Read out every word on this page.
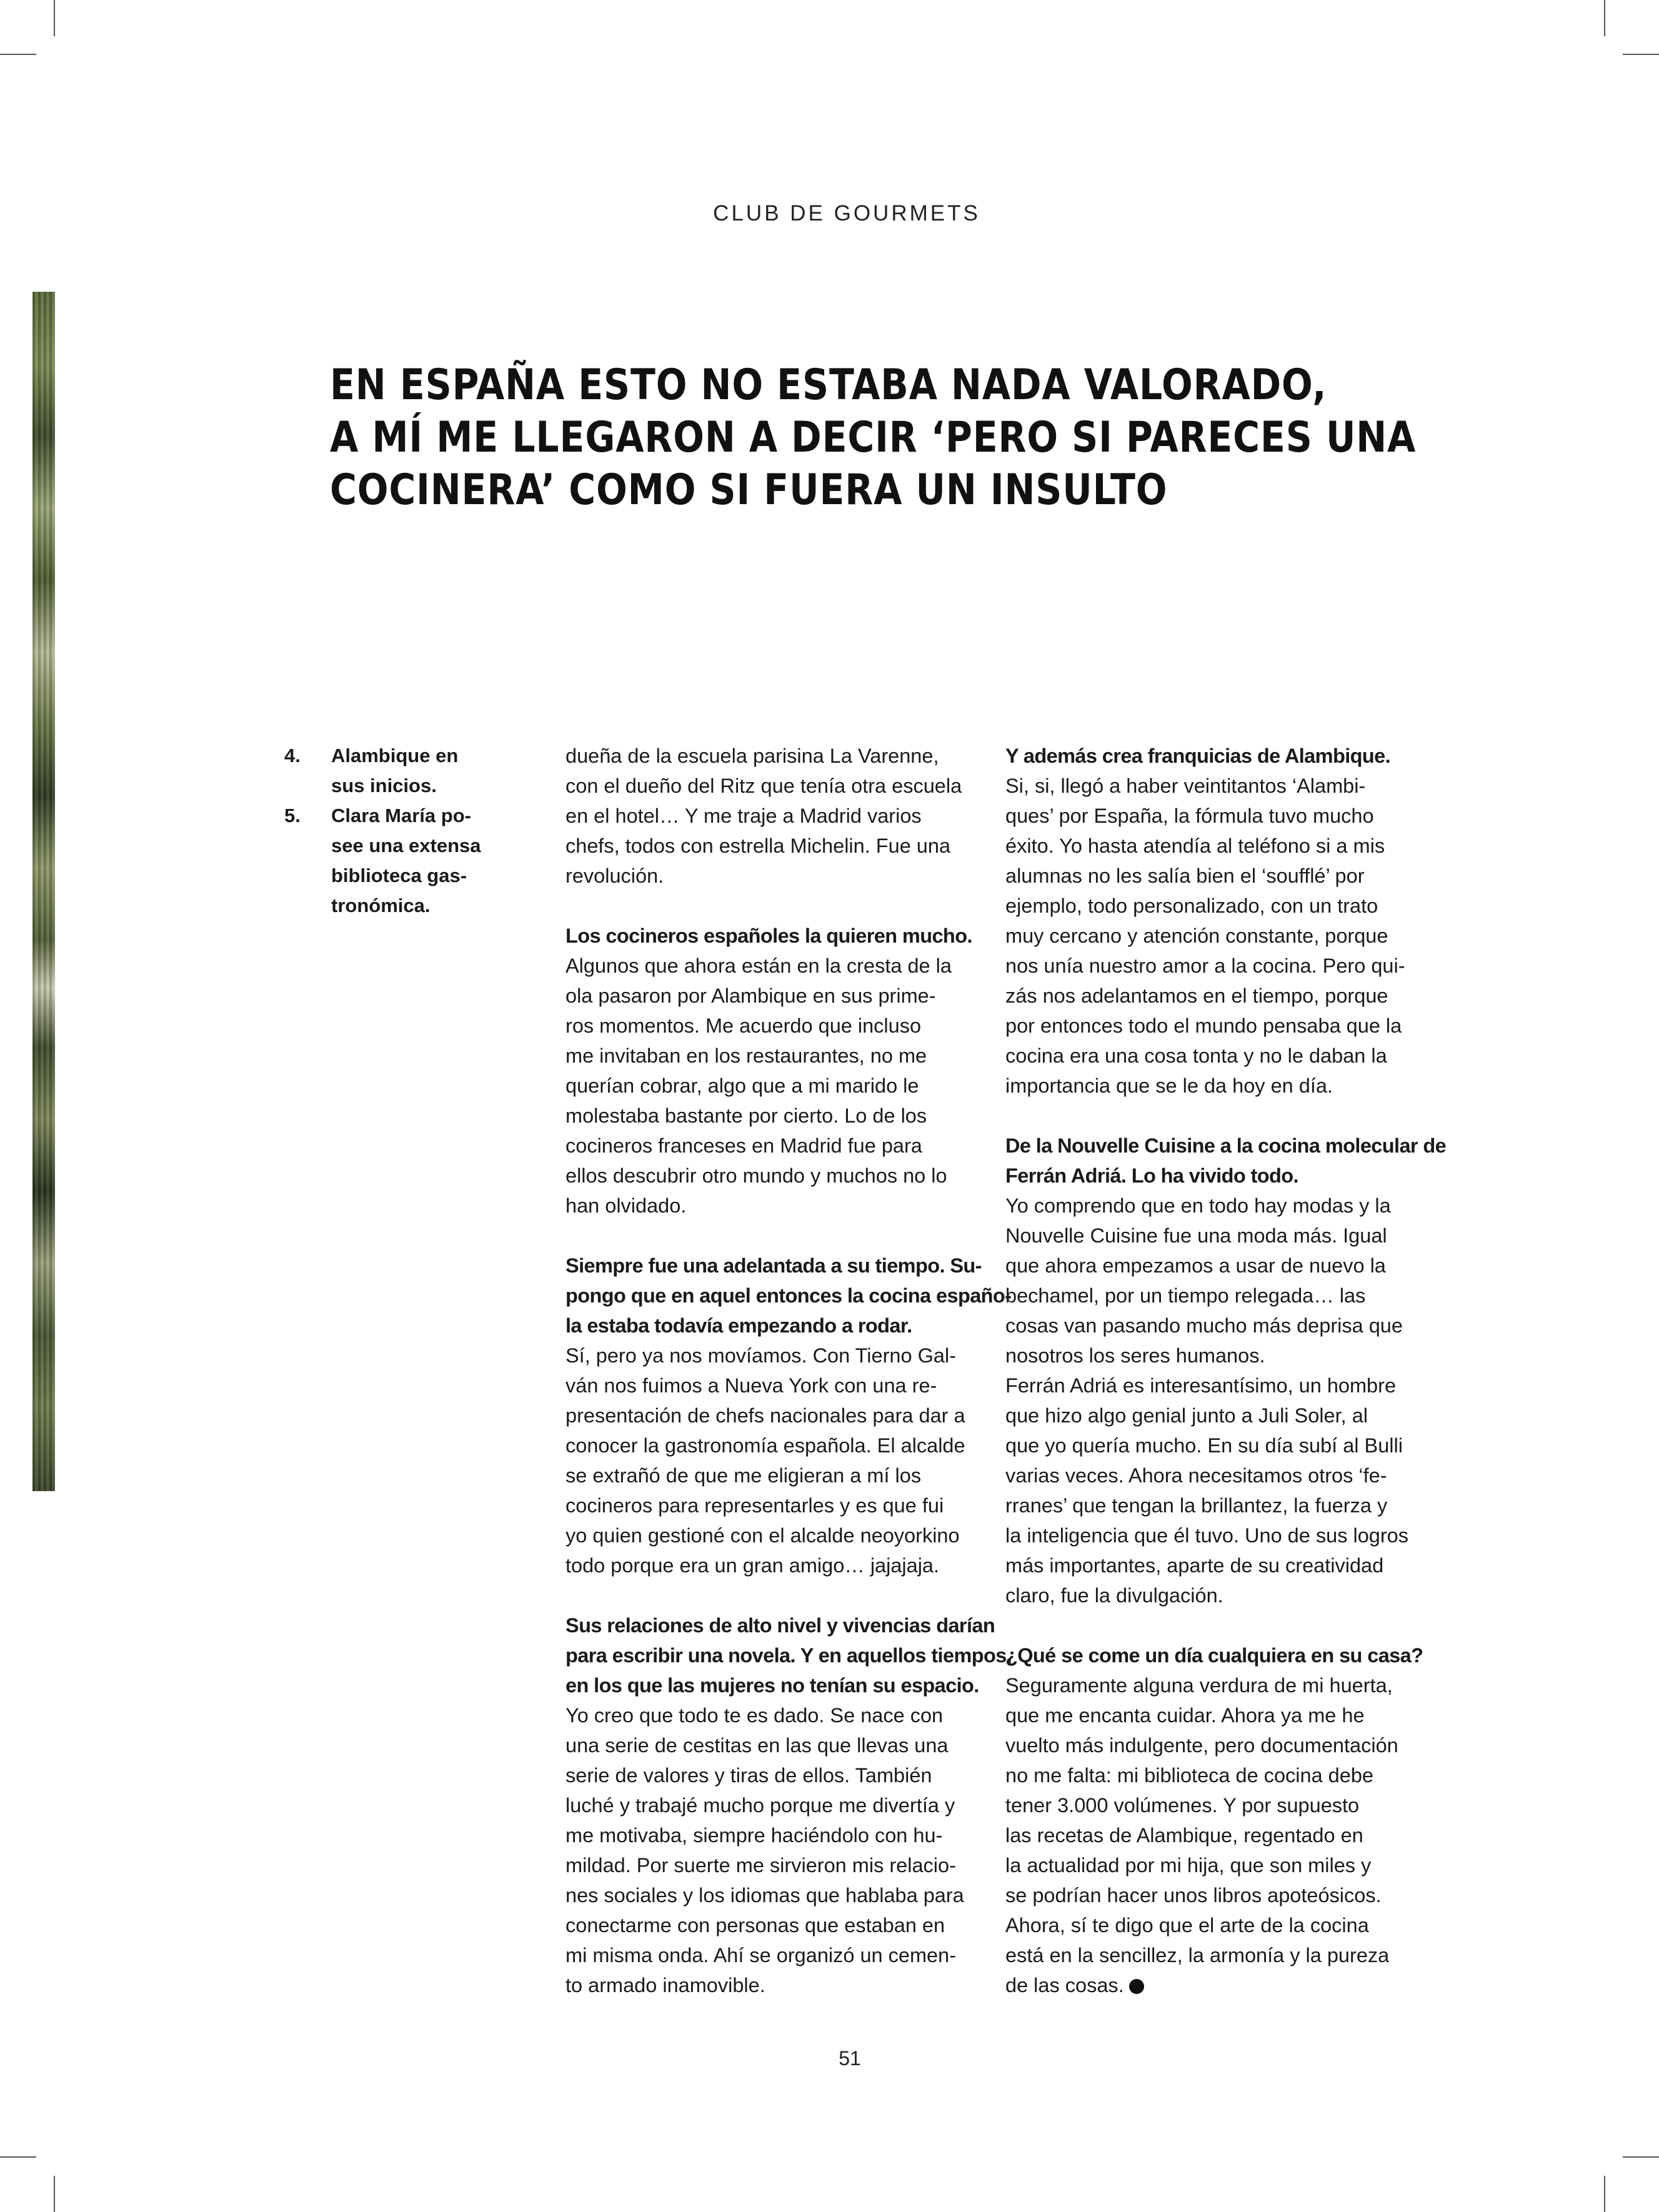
CLUB DE GOURMETS
EN ESPAÑA ESTO NO ESTABA NADA VALORADO,
A MÍ ME LLEGARON A DECIR ‘PERO SI PARECES UNA
COCINERA’ COMO SI FUERA UN INSULTO
4. Alambique en
sus inicios.
5. Clara María po-
see una extensa
biblioteca gas-
tronómica.
dueña de la escuela parisina La Varenne,
con el dueño del Ritz que tenía otra escuela
en el hotel… Y me traje a Madrid varios
chefs, todos con estrella Michelin. Fue una
revolución.
Los cocineros españoles la quieren mucho.
Algunos que ahora están en la cresta de la
ola pasaron por Alambique en sus prime-
ros momentos. Me acuerdo que incluso
me invitaban en los restaurantes, no me
querían cobrar, algo que a mi marido le
molestaba bastante por cierto. Lo de los
cocineros franceses en Madrid fue para
ellos descubrir otro mundo y muchos no lo
han olvidado.
Siempre fue una adelantada a su tiempo. Su-
pongo que en aquel entonces la cocina españo-
la estaba todavía empezando a rodar.
Sí, pero ya nos movíamos. Con Tierno Gal-
ván nos fuimos a Nueva York con una re-
presentación de chefs nacionales para dar a
conocer la gastronomía española. El alcalde
se extrañó de que me eligieran a mí los
cocineros para representarles y es que fui
yo quien gestioné con el alcalde neoyorkino
todo porque era un gran amigo… jajajaja.
Sus relaciones de alto nivel y vivencias darían
para escribir una novela. Y en aquellos tiempos,
en los que las mujeres no tenían su espacio.
Yo creo que todo te es dado. Se nace con
una serie de cestitas en las que llevas una
serie de valores y tiras de ellos. También
luché y trabajé mucho porque me divertía y
me motivaba, siempre haciéndolo con hu-
mildad. Por suerte me sirvieron mis relacio-
nes sociales y los idiomas que hablaba para
conectarme con personas que estaban en
mi misma onda. Ahí se organizó un cemen-
to armado inamovible.
Y además crea franquicias de Alambique.
Si, si, llegó a haber veintitantos ‘Alambi-
ques’ por España, la fórmula tuvo mucho
éxito. Yo hasta atendía al teléfono si a mis
alumnas no les salía bien el ‘soufflé’ por
ejemplo, todo personalizado, con un trato
muy cercano y atención constante, porque
nos unía nuestro amor a la cocina. Pero qui-
zás nos adelantamos en el tiempo, porque
por entonces todo el mundo pensaba que la
cocina era una cosa tonta y no le daban la
importancia que se le da hoy en día.
De la Nouvelle Cuisine a la cocina molecular de
Ferrán Adriá. Lo ha vivido todo.
Yo comprendo que en todo hay modas y la
Nouvelle Cuisine fue una moda más. Igual
que ahora empezamos a usar de nuevo la
bechamel, por un tiempo relegada… las
cosas van pasando mucho más deprisa que
nosotros los seres humanos.
Ferrán Adriá es interesantísimo, un hombre
que hizo algo genial junto a Juli Soler, al
que yo quería mucho. En su día subí al Bulli
varias veces. Ahora necesitamos otros ‘fe-
rranes’ que tengan la brillantez, la fuerza y
la inteligencia que él tuvo. Uno de sus logros
más importantes, aparte de su creatividad
claro, fue la divulgación.
¿Qué se come un día cualquiera en su casa?
Seguramente alguna verdura de mi huerta,
que me encanta cuidar. Ahora ya me he
vuelto más indulgente, pero documentación
no me falta: mi biblioteca de cocina debe
tener 3.000 volúmenes. Y por supuesto
las recetas de Alambique, regentado en
la actualidad por mi hija, que son miles y
se podrían hacer unos libros apoteósicos.
Ahora, sí te digo que el arte de la cocina
está en la sencillez, la armonía y la pureza
de las cosas.
51
